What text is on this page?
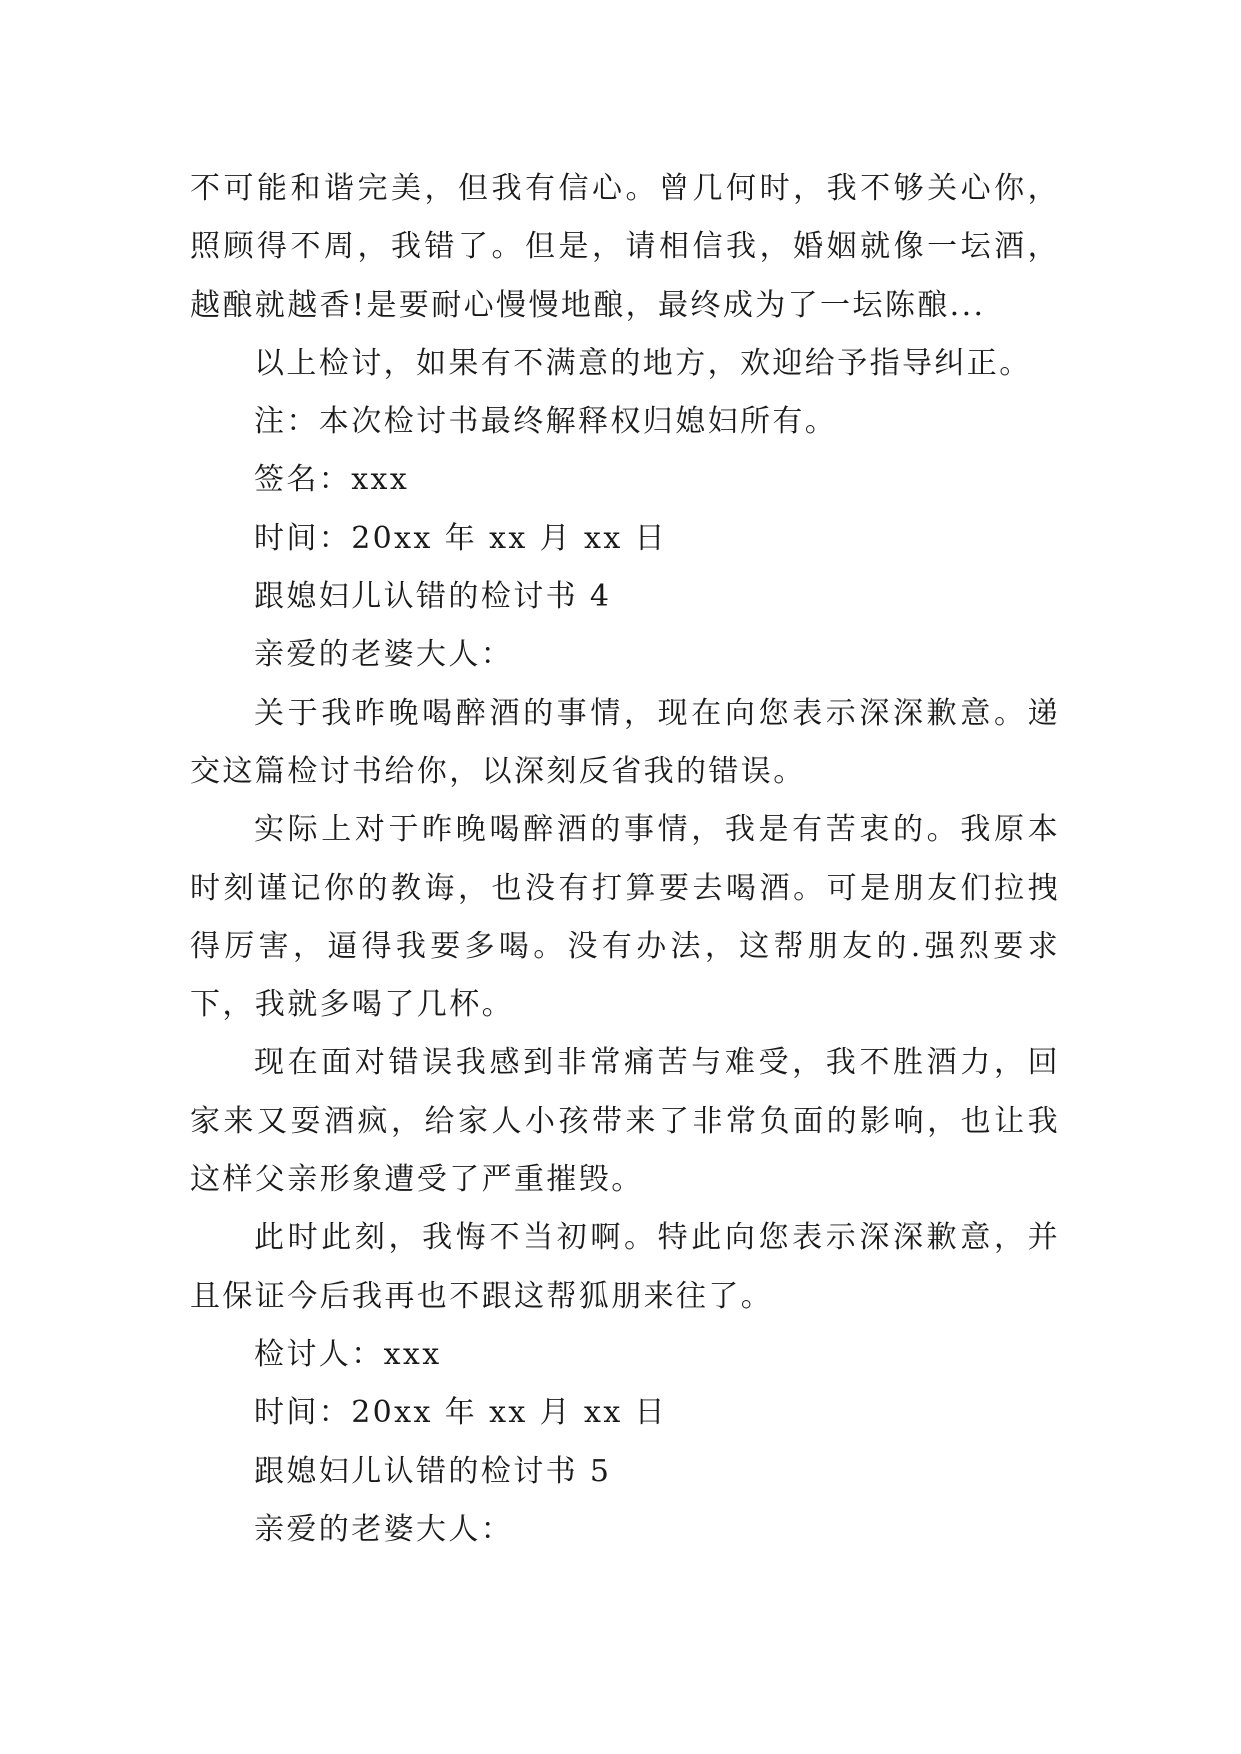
不可能和谐完美，但我有信心。曾几何时，我不够关心你，照顾得不周，我错了。但是，请相信我，婚姻就像一坛酒，越酿就越香!是要耐心慢慢地酿，最终成为了一坛陈酿...

以上检讨，如果有不满意的地方，欢迎给予指导纠正。

注：本次检讨书最终解释权归媳妇所有。

签名：xxx

时间：20xx 年 xx 月 xx 日

跟媳妇儿认错的检讨书 4

亲爱的老婆大人：

关于我昨晚喝醉酒的事情，现在向您表示深深歉意。递交这篇检讨书给你，以深刻反省我的错误。

实际上对于昨晚喝醉酒的事情，我是有苦衷的。我原本时刻谨记你的教诲，也没有打算要去喝酒。可是朋友们拉拽得厉害，逼得我要多喝。没有办法，这帮朋友的.强烈要求下，我就多喝了几杯。

现在面对错误我感到非常痛苦与难受，我不胜酒力，回家来又耍酒疯，给家人小孩带来了非常负面的影响，也让我这样父亲形象遭受了严重摧毁。

此时此刻，我悔不当初啊。特此向您表示深深歉意，并且保证今后我再也不跟这帮狐朋来往了。

检讨人：xxx

时间：20xx 年 xx 月 xx 日

跟媳妇儿认错的检讨书 5

亲爱的老婆大人：
